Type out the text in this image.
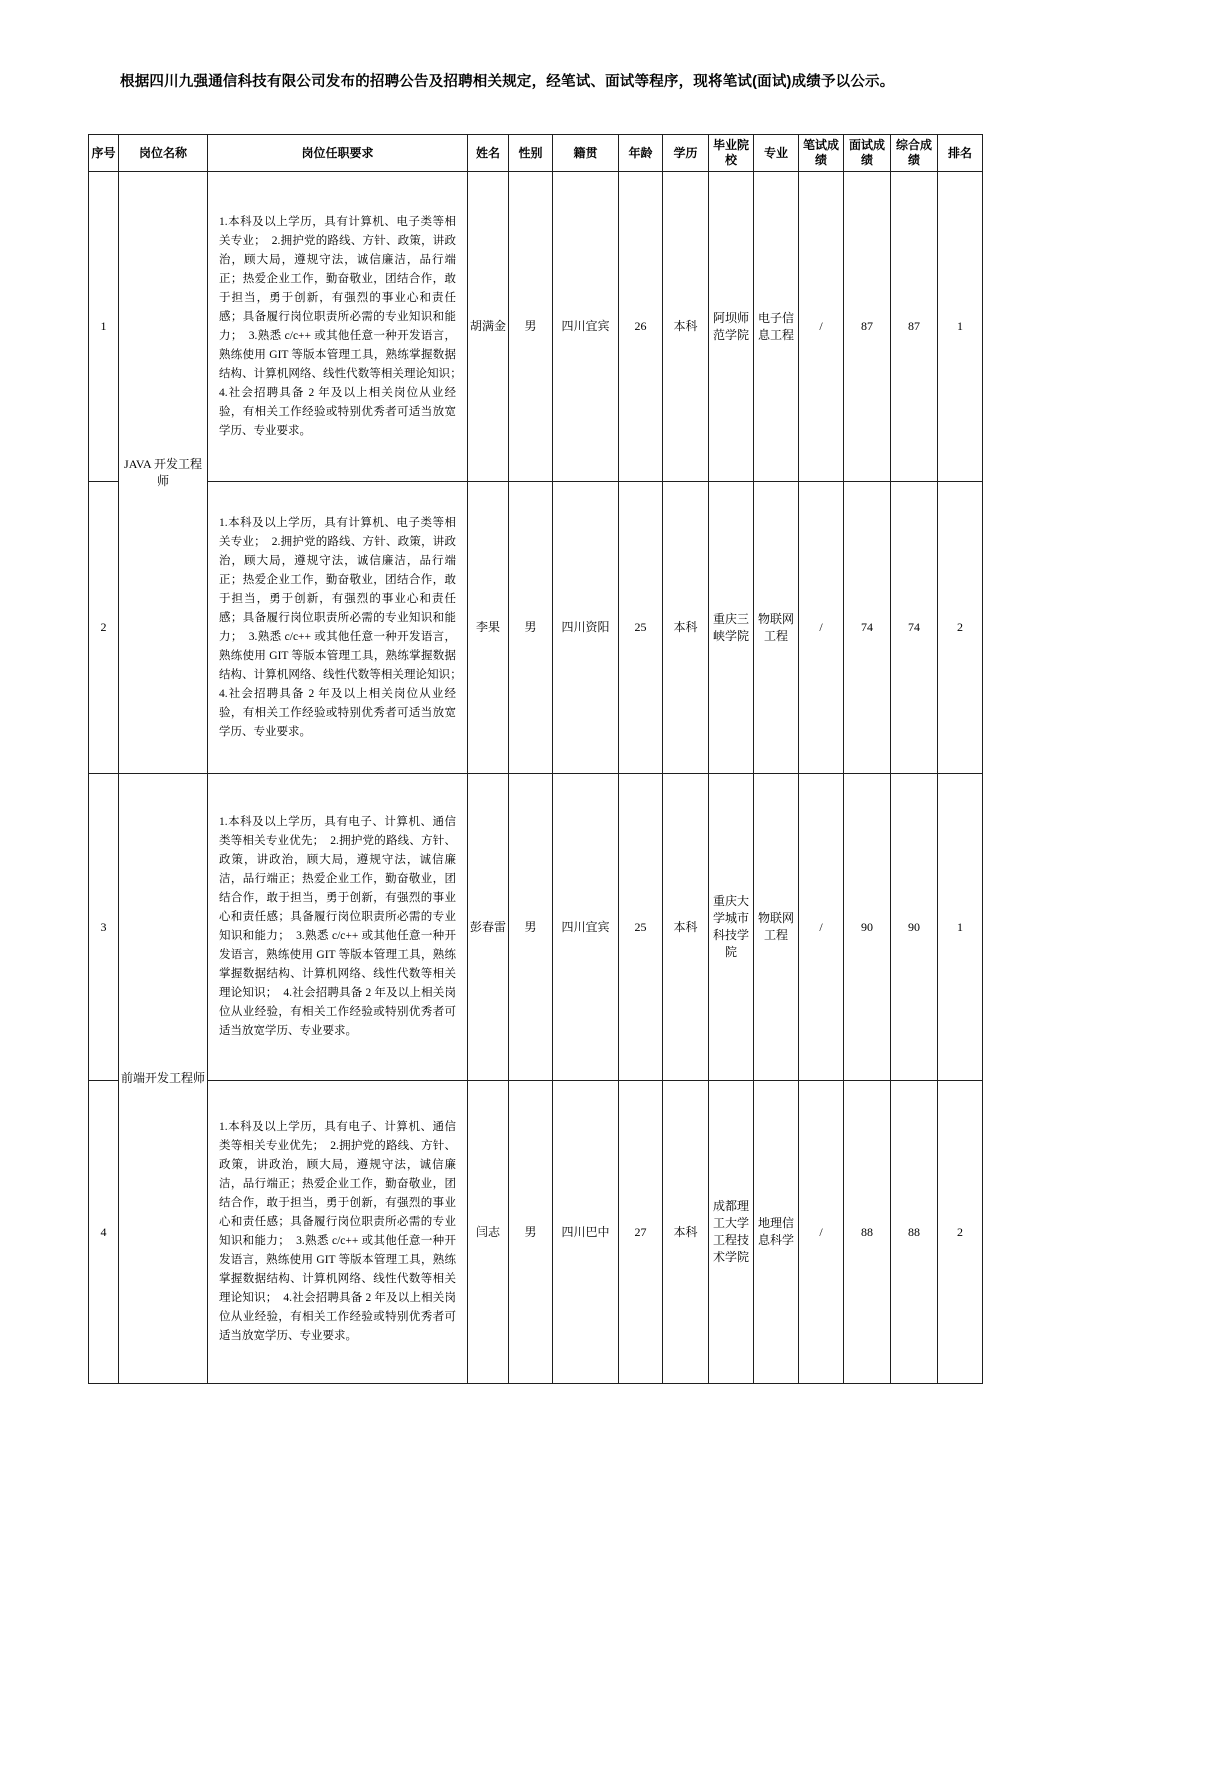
根据四川九强通信科技有限公司发布的招聘公告及招聘相关规定，经笔试、面试等程序，现将笔试(面试)成绩予以公示。

序号	岗位名称	岗位任职要求	姓名	性别	籍贯	年龄	学历	毕业院校	专业	笔试成绩	面试成绩	综合成绩	排名
1	JAVA 开发工程师	1.本科及以上学历，具有计算机、电子类等相关专业；　2.拥护党的路线、方针、政策，讲政治，顾大局，遵规守法，诚信廉洁，品行端正；热爱企业工作，勤奋敬业，团结合作，敢于担当，勇于创新，有强烈的事业心和责任感；具备履行岗位职责所必需的专业知识和能力；　3.熟悉 c/c++ 或其他任意一种开发语言，熟练使用 GIT 等版本管理工具，熟练掌握数据结构、计算机网络、线性代数等相关理论知识；　4.社会招聘具备 2 年及以上相关岗位从业经验，有相关工作经验或特别优秀者可适当放宽学历、专业要求。	胡满金	男	四川宜宾	26	本科	阿坝师范学院	电子信息工程	/	87	87	1
2		1.本科及以上学历，具有计算机、电子类等相关专业；　2.拥护党的路线、方针、政策，讲政治，顾大局，遵规守法，诚信廉洁，品行端正；热爱企业工作，勤奋敬业，团结合作，敢于担当，勇于创新，有强烈的事业心和责任感；具备履行岗位职责所必需的专业知识和能力；　3.熟悉 c/c++ 或其他任意一种开发语言，熟练使用 GIT 等版本管理工具，熟练掌握数据结构、计算机网络、线性代数等相关理论知识；　4.社会招聘具备 2 年及以上相关岗位从业经验，有相关工作经验或特别优秀者可适当放宽学历、专业要求。	李果	男	四川资阳	25	本科	重庆三峡学院	物联网工程	/	74	74	2
3	前端开发工程师	1.本科及以上学历，具有电子、计算机、通信类等相关专业优先；　2.拥护党的路线、方针、政策，讲政治，顾大局，遵规守法，诚信廉洁，品行端正；热爱企业工作，勤奋敬业，团结合作，敢于担当，勇于创新，有强烈的事业心和责任感；具备履行岗位职责所必需的专业知识和能力；　3.熟悉 c/c++ 或其他任意一种开发语言，熟练使用 GIT 等版本管理工具，熟练掌握数据结构、计算机网络、线性代数等相关理论知识；　4.社会招聘具备 2 年及以上相关岗位从业经验，有相关工作经验或特别优秀者可适当放宽学历、专业要求。	彭春雷	男	四川宜宾	25	本科	重庆大学城市科技学院	物联网工程	/	90	90	1
4		1.本科及以上学历，具有电子、计算机、通信类等相关专业优先；　2.拥护党的路线、方针、政策，讲政治，顾大局，遵规守法，诚信廉洁，品行端正；热爱企业工作，勤奋敬业，团结合作，敢于担当，勇于创新，有强烈的事业心和责任感；具备履行岗位职责所必需的专业知识和能力；　3.熟悉 c/c++ 或其他任意一种开发语言，熟练使用 GIT 等版本管理工具，熟练掌握数据结构、计算机网络、线性代数等相关理论知识；　4.社会招聘具备 2 年及以上相关岗位从业经验，有相关工作经验或特别优秀者可适当放宽学历、专业要求。	闫志	男	四川巴中	27	本科	成都理工大学工程技术学院	地理信息科学	/	88	88	2
